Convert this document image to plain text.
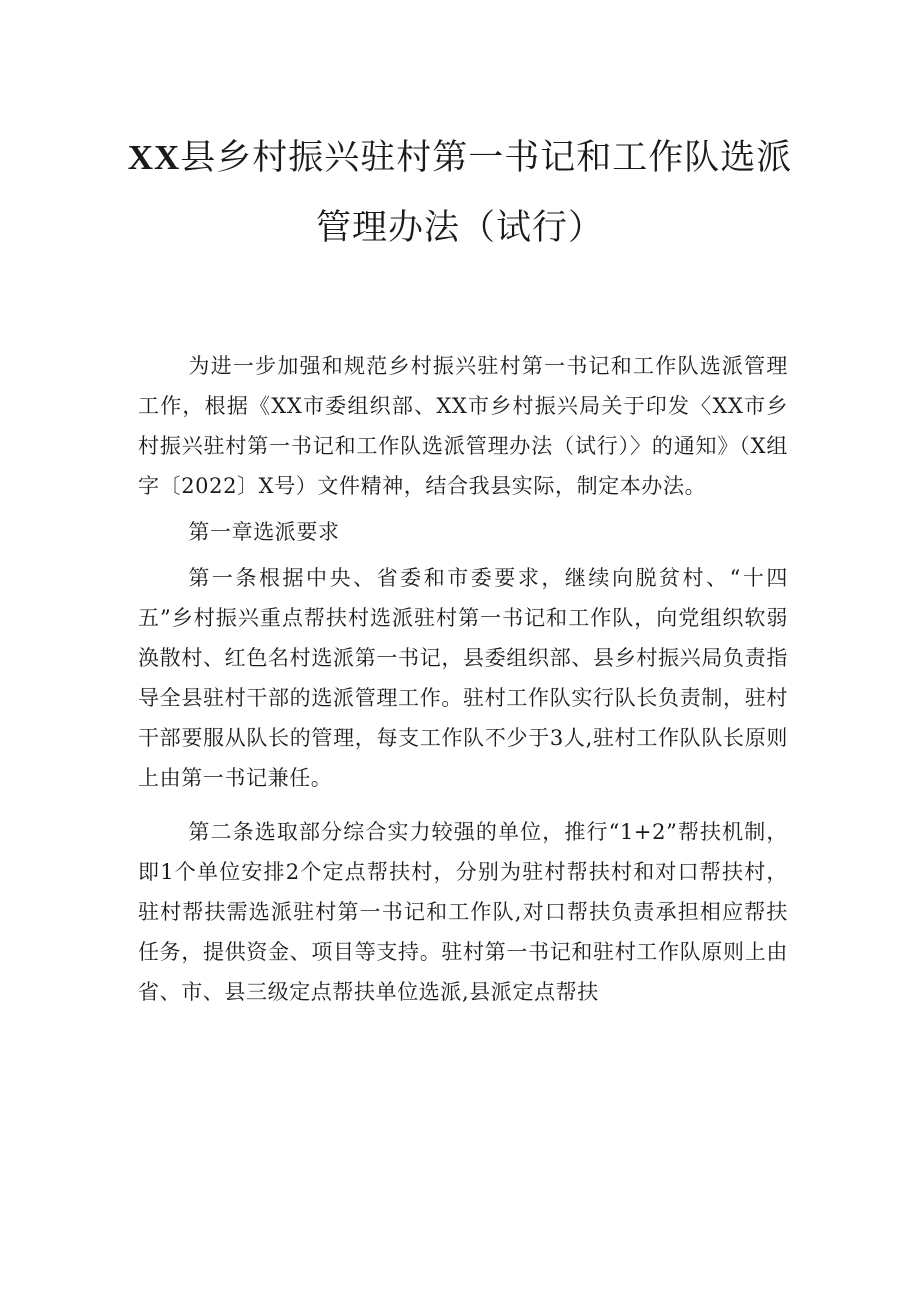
XX县乡村振兴驻村第一书记和工作队选派
管理办法（试行）

为进一步加强和规范乡村振兴驻村第一书记和工作队选派管理工作，根据《XX市委组织部、XX市乡村振兴局关于印发〈XX市乡村振兴驻村第一书记和工作队选派管理办法（试行）〉的通知》（X组字〔2022〕X号）文件精神，结合我县实际，制定本办法。

第一章选派要求

第一条根据中央、省委和市委要求，继续向脱贫村、“十四五”乡村振兴重点帮扶村选派驻村第一书记和工作队，向党组织软弱涣散村、红色名村选派第一书记，县委组织部、县乡村振兴局负责指导全县驻村干部的选派管理工作。驻村工作队实行队长负责制，驻村干部要服从队长的管理，每支工作队不少于3人,驻村工作队队长原则上由第一书记兼任。

第二条选取部分综合实力较强的单位，推行“1+2”帮扶机制，即1个单位安排2个定点帮扶村，分别为驻村帮扶村和对口帮扶村，驻村帮扶需选派驻村第一书记和工作队,对口帮扶负责承担相应帮扶任务，提供资金、项目等支持。驻村第一书记和驻村工作队原则上由省、市、县三级定点帮扶单位选派,县派定点帮扶
